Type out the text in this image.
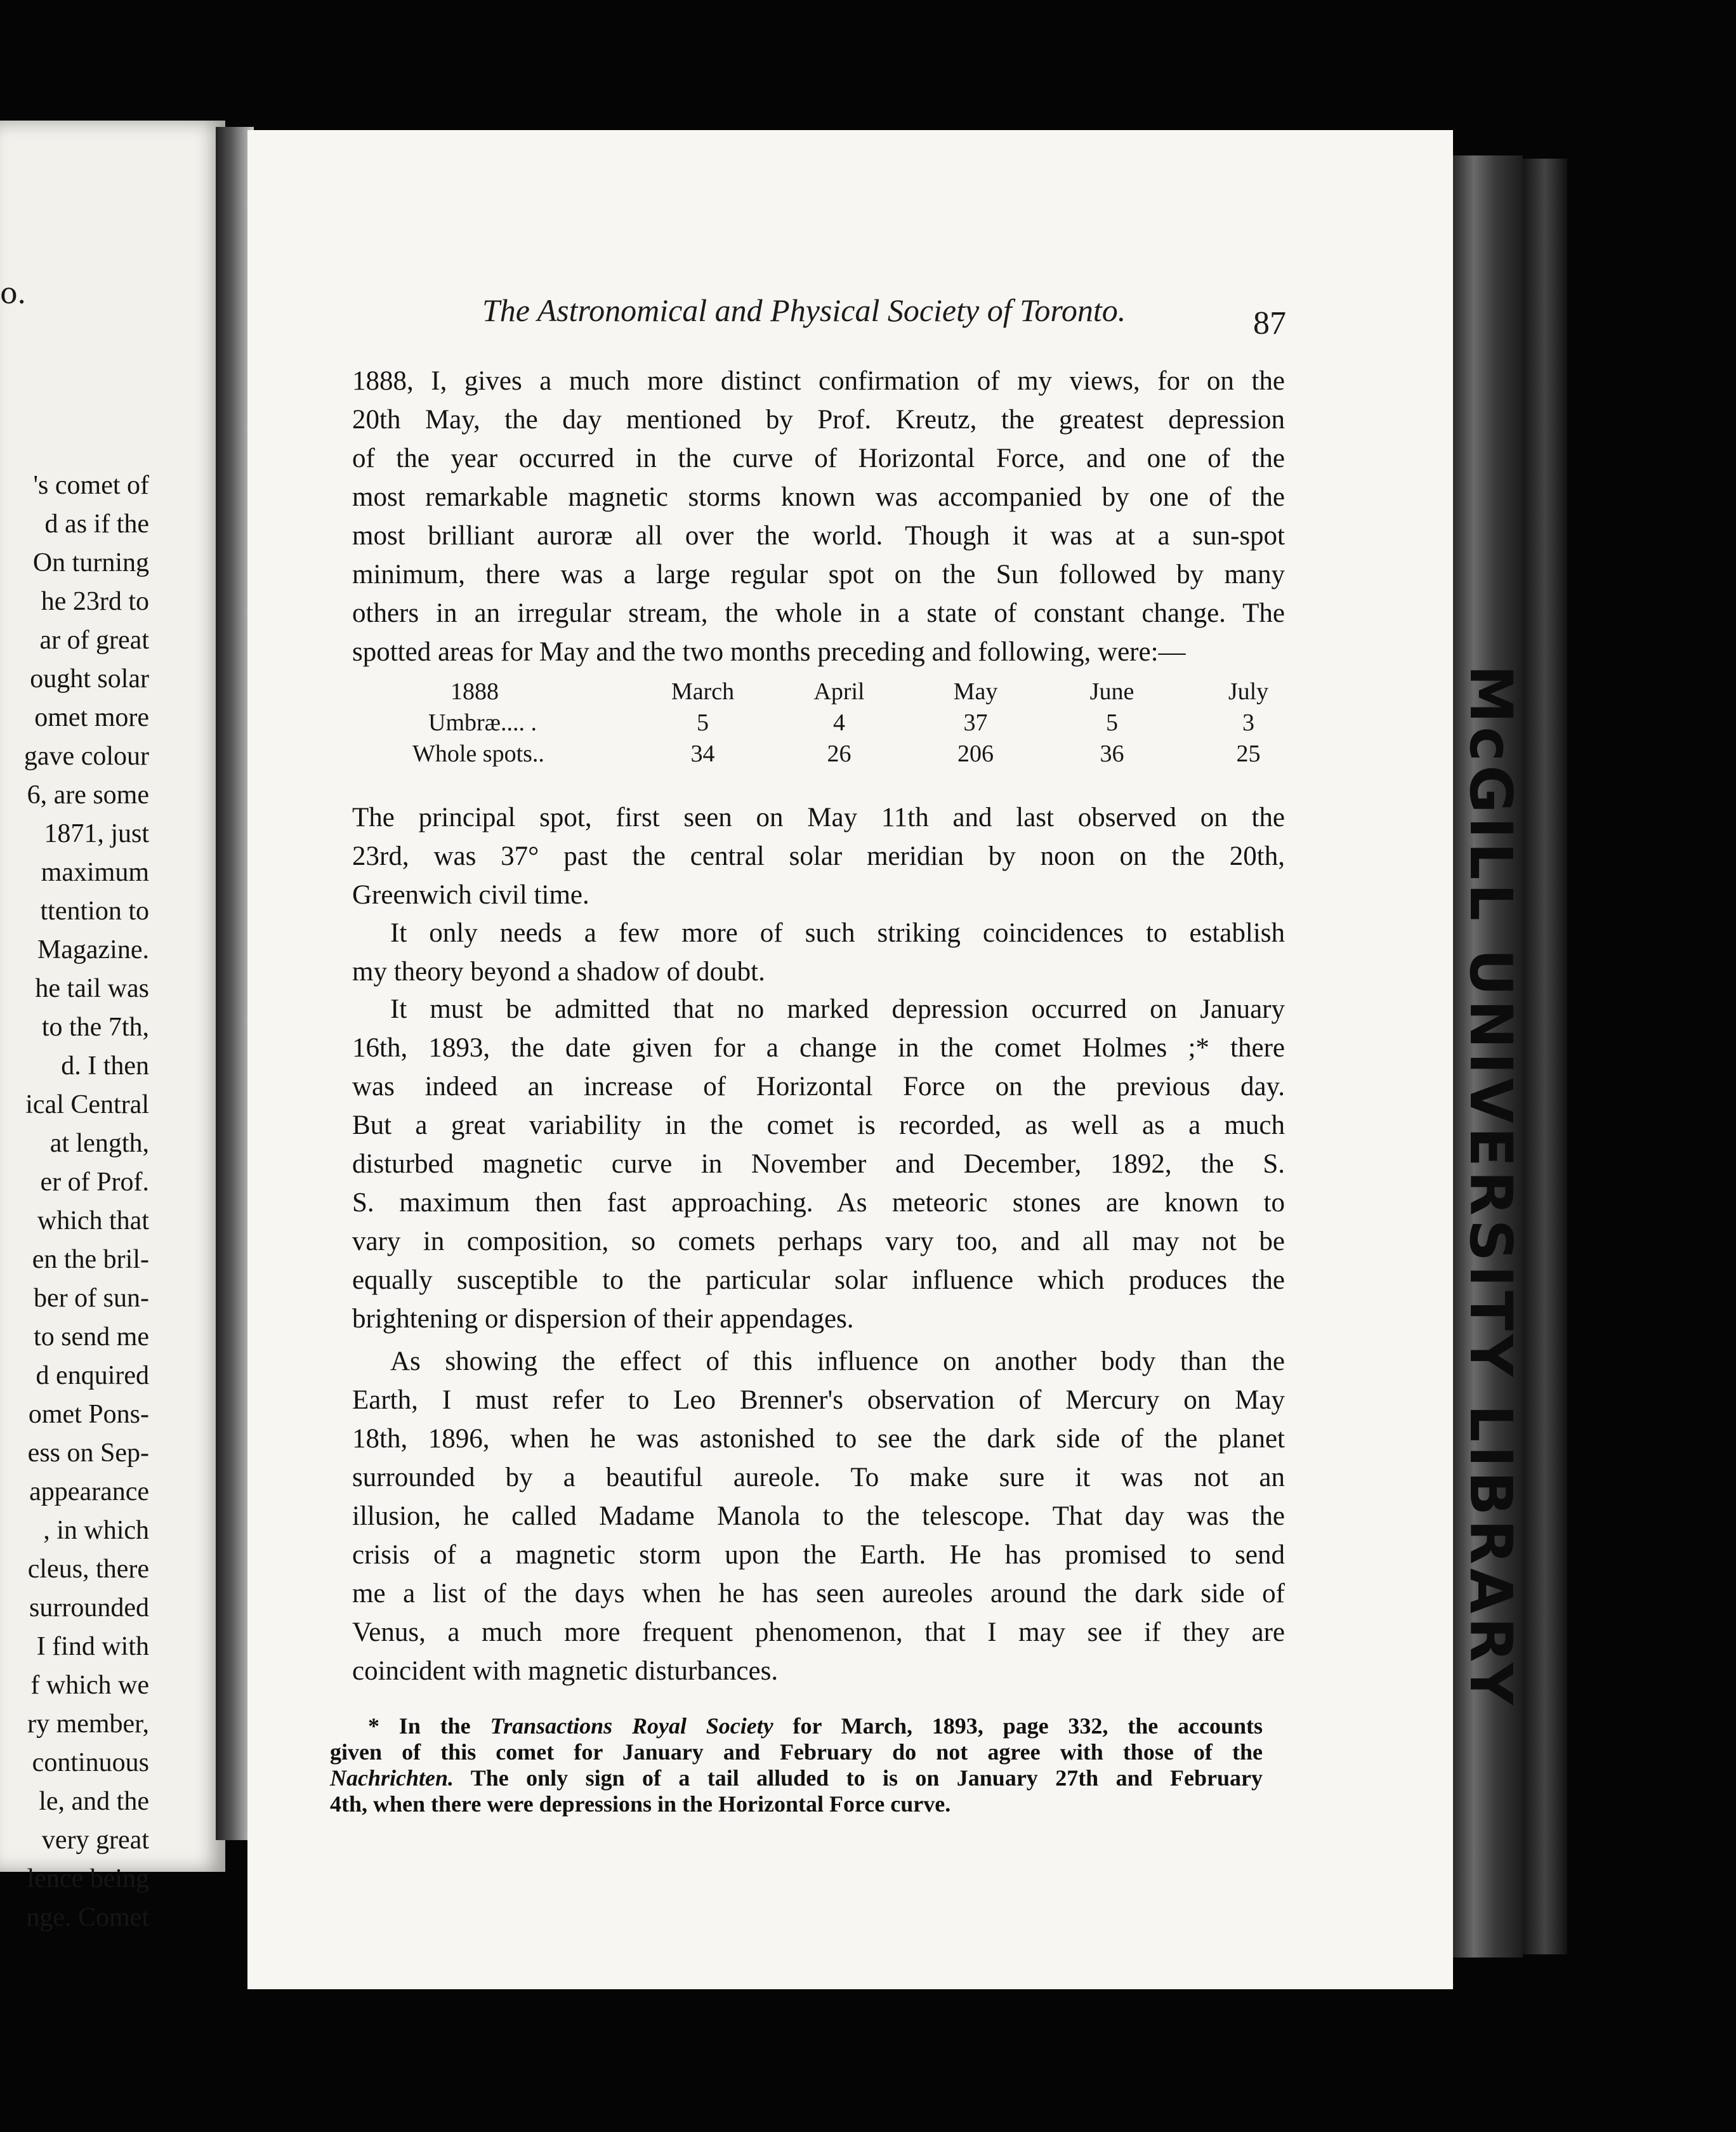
o.
's comet of
d as if the
On turning
he 23rd to
ar of great
ought solar
omet more
gave colour
6, are some
1871, just
maximum
ttention to
Magazine.
he tail was
to the 7th,
d. I then
ical Central
at length,
er of Prof.
which that
en the bril-
ber of sun-
to send me
d enquired
omet Pons-
ess on Sep-
appearance
, in which
cleus, there
surrounded
I find with
f which we
ry member,
continuous
le, and the
very great
lence being
nge. Comet
McGILL UNIVERSITY LIBRARY
The Astronomical and Physical Society of Toronto.	87

1888, I, gives a much more distinct confirmation of my views, for on the
20th May, the day mentioned by Prof. Kreutz, the greatest depression
of the year occurred in the curve of Horizontal Force, and one of the
most remarkable magnetic storms known was accompanied by one of the
most brilliant auroræ all over the world. Though it was at a sun-spot
minimum, there was a large regular spot on the Sun followed by many
others in an irregular stream, the whole in a state of constant change. The
spotted areas for May and the two months preceding and following, were:—

1888	March	April	May	June	July
Umbræ.... .	5	4	37	5	3
Whole spots..	34	26	206	36	25

The principal spot, first seen on May 11th and last observed on the
23rd, was 37° past the central solar meridian by noon on the 20th,
Greenwich civil time.

It only needs a few more of such striking coincidences to establish
my theory beyond a shadow of doubt.

It must be admitted that no marked depression occurred on January
16th, 1893, the date given for a change in the comet Holmes ;* there
was indeed an increase of Horizontal Force on the previous day.
But a great variability in the comet is recorded, as well as a much
disturbed magnetic curve in November and December, 1892, the S.
S. maximum then fast approaching. As meteoric stones are known to
vary in composition, so comets perhaps vary too, and all may not be
equally susceptible to the particular solar influence which produces the
brightening or dispersion of their appendages.

As showing the effect of this influence on another body than the
Earth, I must refer to Leo Brenner's observation of Mercury on May
18th, 1896, when he was astonished to see the dark side of the planet
surrounded by a beautiful aureole. To make sure it was not an
illusion, he called Madame Manola to the telescope. That day was the
crisis of a magnetic storm upon the Earth. He has promised to send
me a list of the days when he has seen aureoles around the dark side of
Venus, a much more frequent phenomenon, that I may see if they are
coincident with magnetic disturbances.

* In the Transactions Royal Society for March, 1893, page 332, the accounts
given of this comet for January and February do not agree with those of the
Nachrichten. The only sign of a tail alluded to is on January 27th and February
4th, when there were depressions in the Horizontal Force curve.
